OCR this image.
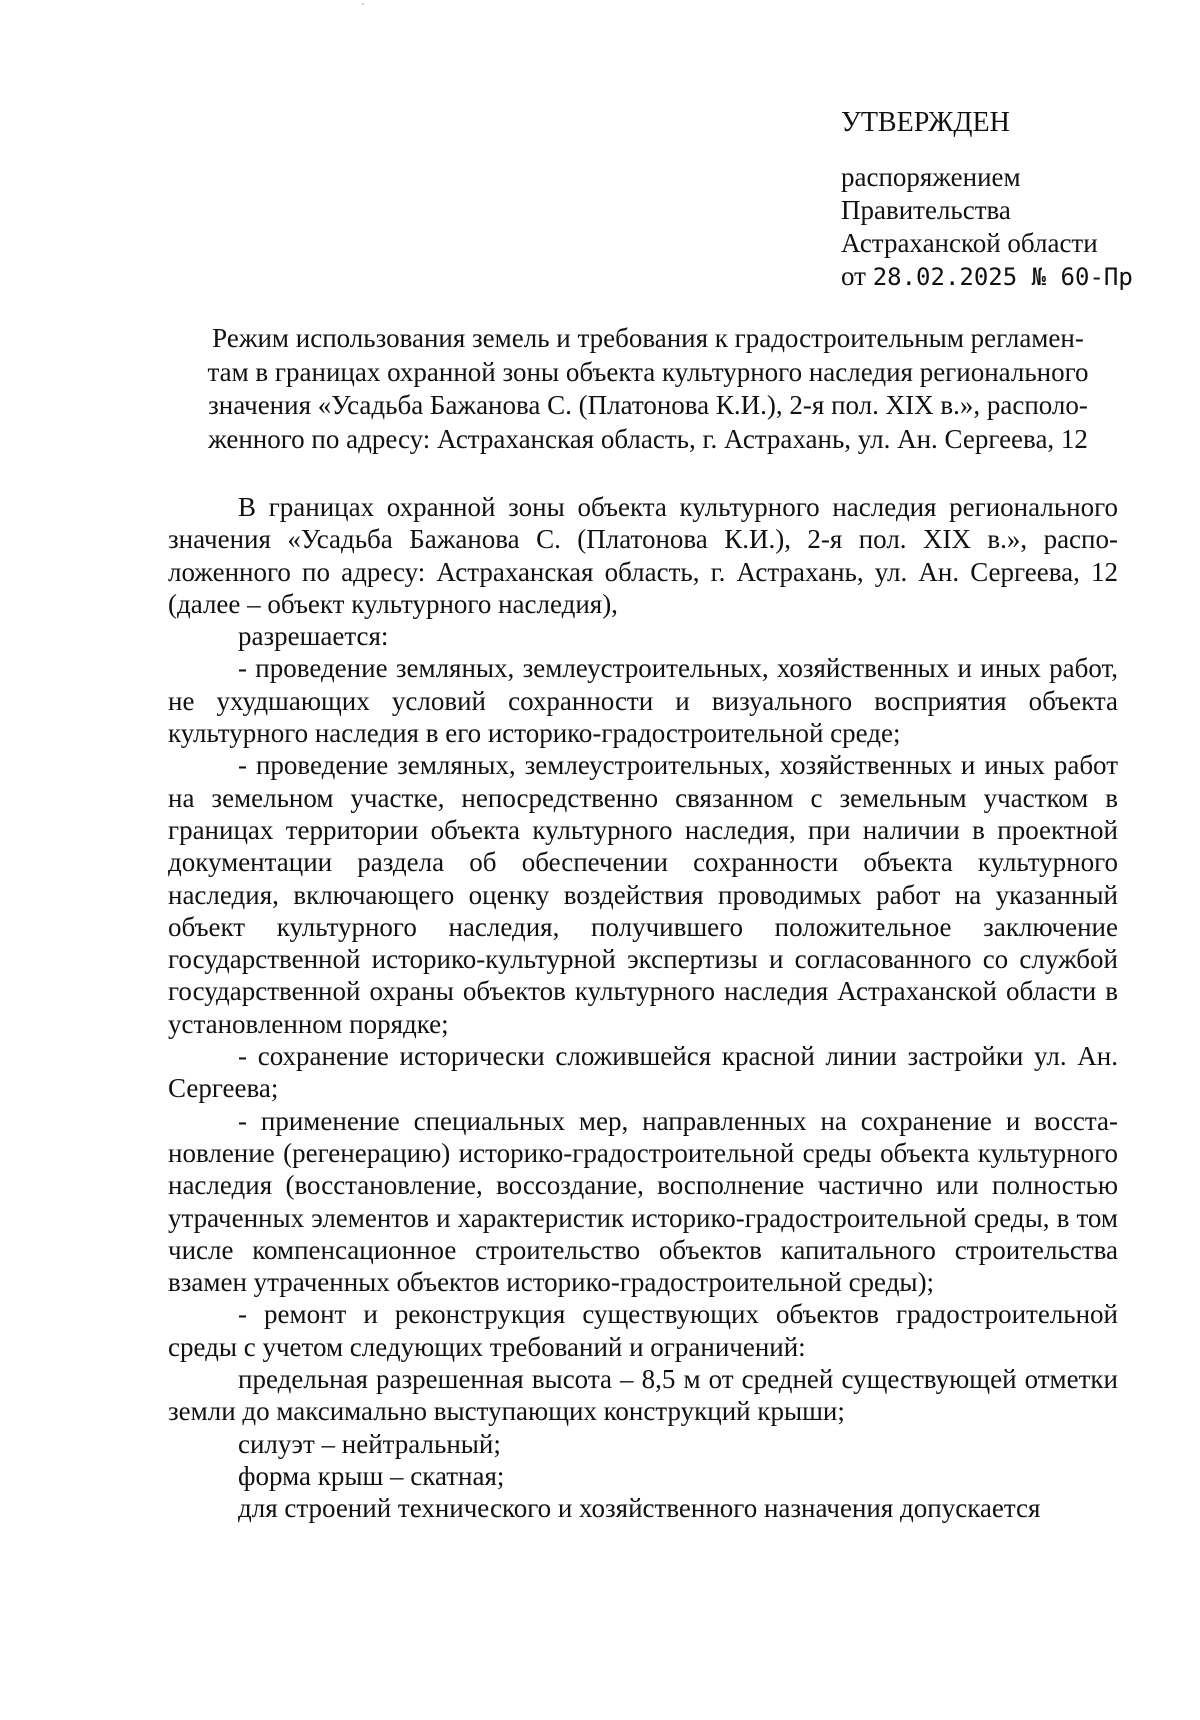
ˊ
УТВЕРЖДЕН
распоряжением
Правительства
Астраханской области
от 28.02.2025 № 60-Пр
Режим использования земель и требования к градостроительным регламен-
там в границах охранной зоны объекта культурного наследия регионального
значения «Усадьба Бажанова С. (Платонова К.И.), 2-я пол. XIX в.», располо-
женного по адресу: Астраханская область, г. Астрахань, ул. Ан. Сергеева, 12

В границах охранной зоны объекта культурного наследия регионального значения «Усадьба Бажанова С. (Платонова К.И.), 2-я пол. XIX в.», расположенного по адресу: Астраханская область, г. Астрахань, ул. Ан. Сергеева, 12 (далее – объект культурного наследия),

разрешается:

- проведение земляных, землеустроительных, хозяйственных и иных работ, не ухудшающих условий сохранности и визуального восприятия объекта культурного наследия в его историко-градостроительной среде;

- проведение земляных, землеустроительных, хозяйственных и иных работ на земельном участке, непосредственно связанном с земельным участком в границах территории объекта культурного наследия, при наличии в проектной документации раздела об обеспечении сохранности объекта культурного наследия, включающего оценку воздействия проводимых работ на указанный объект культурного наследия, получившего положительное заключение государственной историко-культурной экспертизы и согласованного со службой государственной охраны объектов культурного наследия Астраханской области в установленном порядке;

- сохранение исторически сложившейся красной линии застройки ул. Ан. Сергеева;

- применение специальных мер, направленных на сохранение и восстановление (регенерацию) историко-градостроительной среды объекта культурного наследия (восстановление, воссоздание, восполнение частично или полностью утраченных элементов и характеристик историко-градостроительной среды, в том числе компенсационное строительство объектов капитального строительства взамен утраченных объектов историко-градостроительной среды);

- ремонт и реконструкция существующих объектов градостроительной среды с учетом следующих требований и ограничений:

предельная разрешенная высота – 8,5 м от средней существующей отметки земли до максимально выступающих конструкций крыши;

силуэт – нейтральный;

форма крыш – скатная;

для строений технического и хозяйственного назначения допускается
